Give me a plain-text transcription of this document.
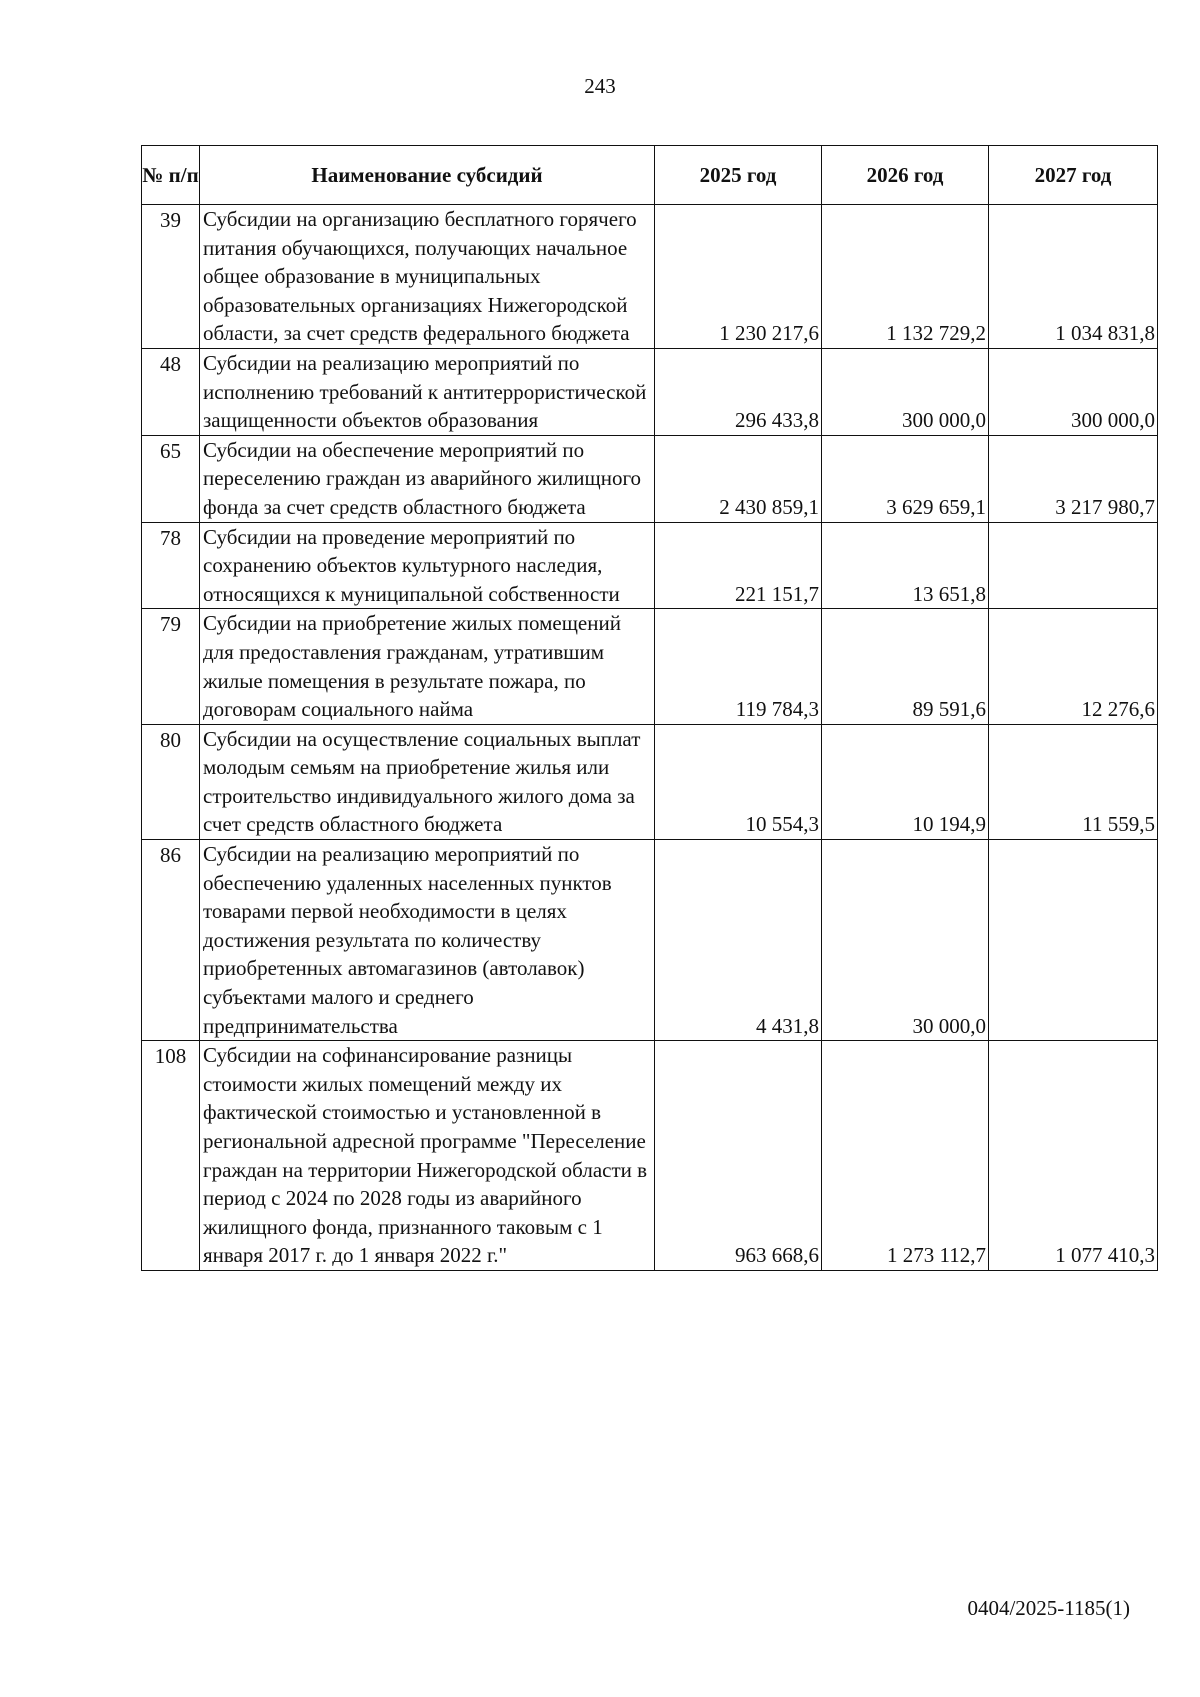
243
№ п/п	Наименование субсидий	2025 год	2026 год	2027 год
39	Субсидии на организацию бесплатного горячего питания обучающихся, получающих начальное общее образование в муниципальных образовательных организациях Нижегородской области, за счет средств федерального бюджета	1 230 217,6	1 132 729,2	1 034 831,8
48	Субсидии на реализацию мероприятий по исполнению требований к антитеррористической защищенности объектов образования	296 433,8	300 000,0	300 000,0
65	Субсидии на обеспечение мероприятий по переселению граждан из аварийного жилищного фонда за счет средств областного бюджета	2 430 859,1	3 629 659,1	3 217 980,7
78	Субсидии на проведение мероприятий по сохранению объектов культурного наследия, относящихся к муниципальной собственности	221 151,7	13 651,8	
79	Субсидии на приобретение жилых помещений для предоставления гражданам, утратившим жилые помещения в результате пожара, по договорам социального найма	119 784,3	89 591,6	12 276,6
80	Субсидии на осуществление социальных выплат молодым семьям на приобретение жилья или строительство индивидуального жилого дома за счет средств областного бюджета	10 554,3	10 194,9	11 559,5
86	Субсидии на реализацию мероприятий по обеспечению удаленных населенных пунктов товарами первой необходимости в целях достижения результата по количеству приобретенных автомагазинов (автолавок) субъектами малого и среднего предпринимательства	4 431,8	30 000,0	
108	Субсидии на софинансирование разницы стоимости жилых помещений между их фактической стоимостью и установленной в региональной адресной программе "Переселение граждан на территории Нижегородской области в период с 2024 по 2028 годы из аварийного жилищного фонда, признанного таковым с 1 января 2017 г. до 1 января 2022 г."	963 668,6	1 273 112,7	1 077 410,3
0404/2025-1185(1)
